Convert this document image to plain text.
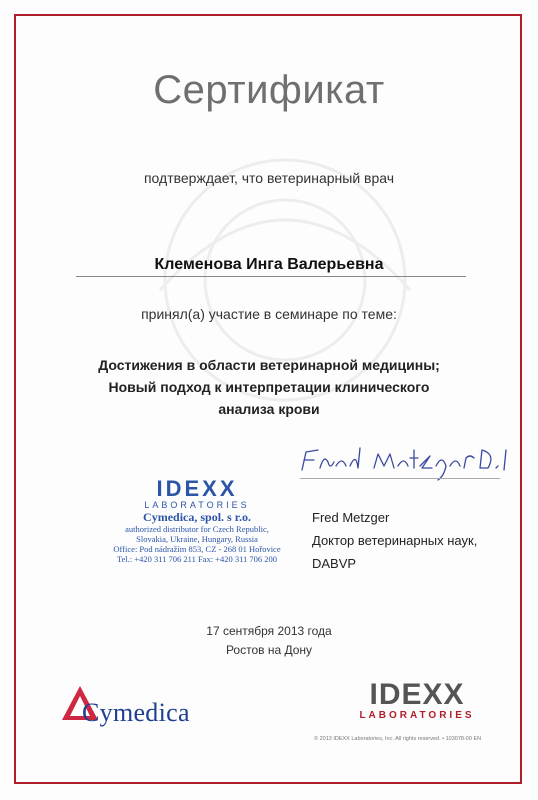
Сертификат
подтверждает, что ветеринарный врач
Клеменова Инга Валерьевна
принял(а) участие в семинаре по теме:
Достижения в области ветеринарной медицины;
Новый подход к интерпретации клинического
анализа крови
Fred Metzger
Доктор ветеринарных наук,
DABVP
IDEXX
LABORATORIES
Cymedica, spol. s r.o.
authorized distributor for Czech Republic,
Slovakia, Ukraine, Hungary, Russia
Office: Pod nádražím 853, CZ - 268 01 Hořovice
Tel.: +420 311 706 211 Fax: +420 311 706 200
17 сентября 2013 года
Ростов на Дону
Cymedica
IDEXX
LABORATORIES
© 2013 IDEXX Laboratories, Inc. All rights reserved. • 103078-00 EN
